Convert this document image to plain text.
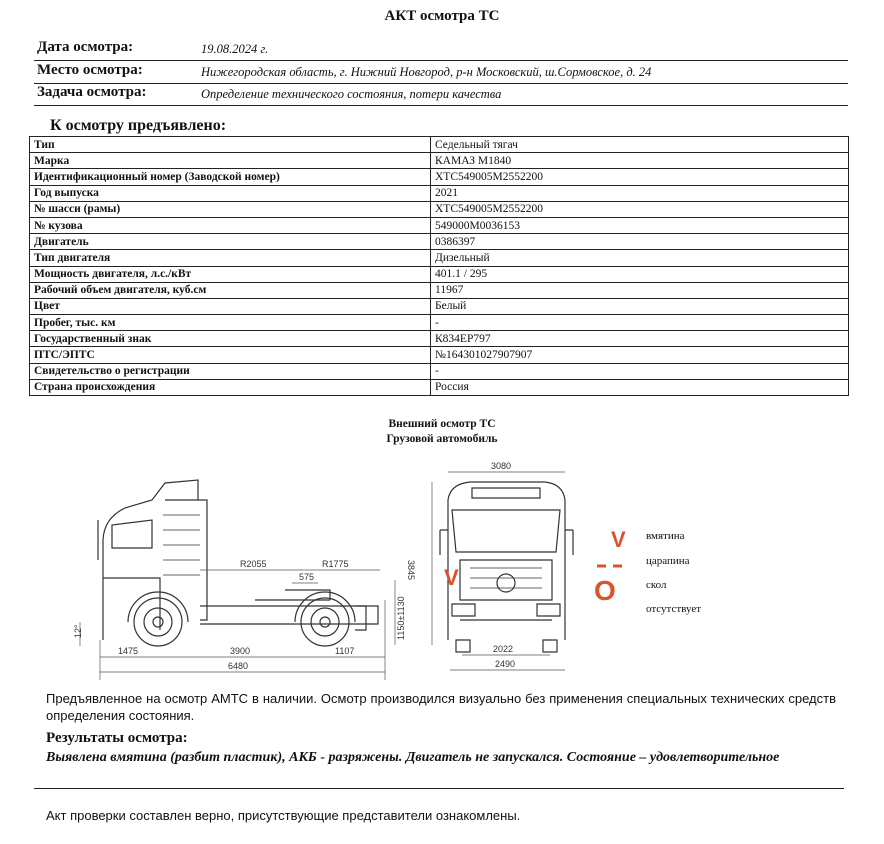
АКТ осмотра ТС
Дата осмотра:	19.08.2024 г.
Место осмотра:	Нижегородская область, г. Нижний Новгород, р-н Московский, ш.Сормовское, д. 24
Задача осмотра:	Определение технического состояния, потери качества
К осмотру предъявлено:
Тип	Седельный тягач
Марка	КАМАЗ М1840
Идентификационный номер (Заводской номер)	ХТС549005М2552200
Год выпуска	2021
№ шасси (рамы)	ХТС549005М2552200
№ кузова	549000М0036153
Двигатель	0386397
Тип двигателя	Дизельный
Мощность двигателя, л.с./кВт	401.1 / 295
Рабочий объем двигателя, куб.см	11967
Цвет	Белый
Пробег, тыс. км	-
Государственный знак	К834ЕР797
ПТС/ЭПТС	№164301027907907
Свидетельство о регистрации	-
Страна происхождения	Россия
Внешний осмотр ТС
Грузовой автомобиль
R2055	R1775
575
1475	3900	1107
6480
12°	1150±1130
3080
3845
2022
2490
V
V
O
вмятина
царапина
скол
отсутствует
Предъявленное на осмотр АМТС в наличии. Осмотр производился визуально без применения специальных технических средств определения состояния.
Результаты осмотра:
Выявлена вмятина (разбит пластик), АКБ - разряжены. Двигатель не запускался. Состояние – удовлетворительное
Акт проверки составлен верно, присутствующие представители ознакомлены.
